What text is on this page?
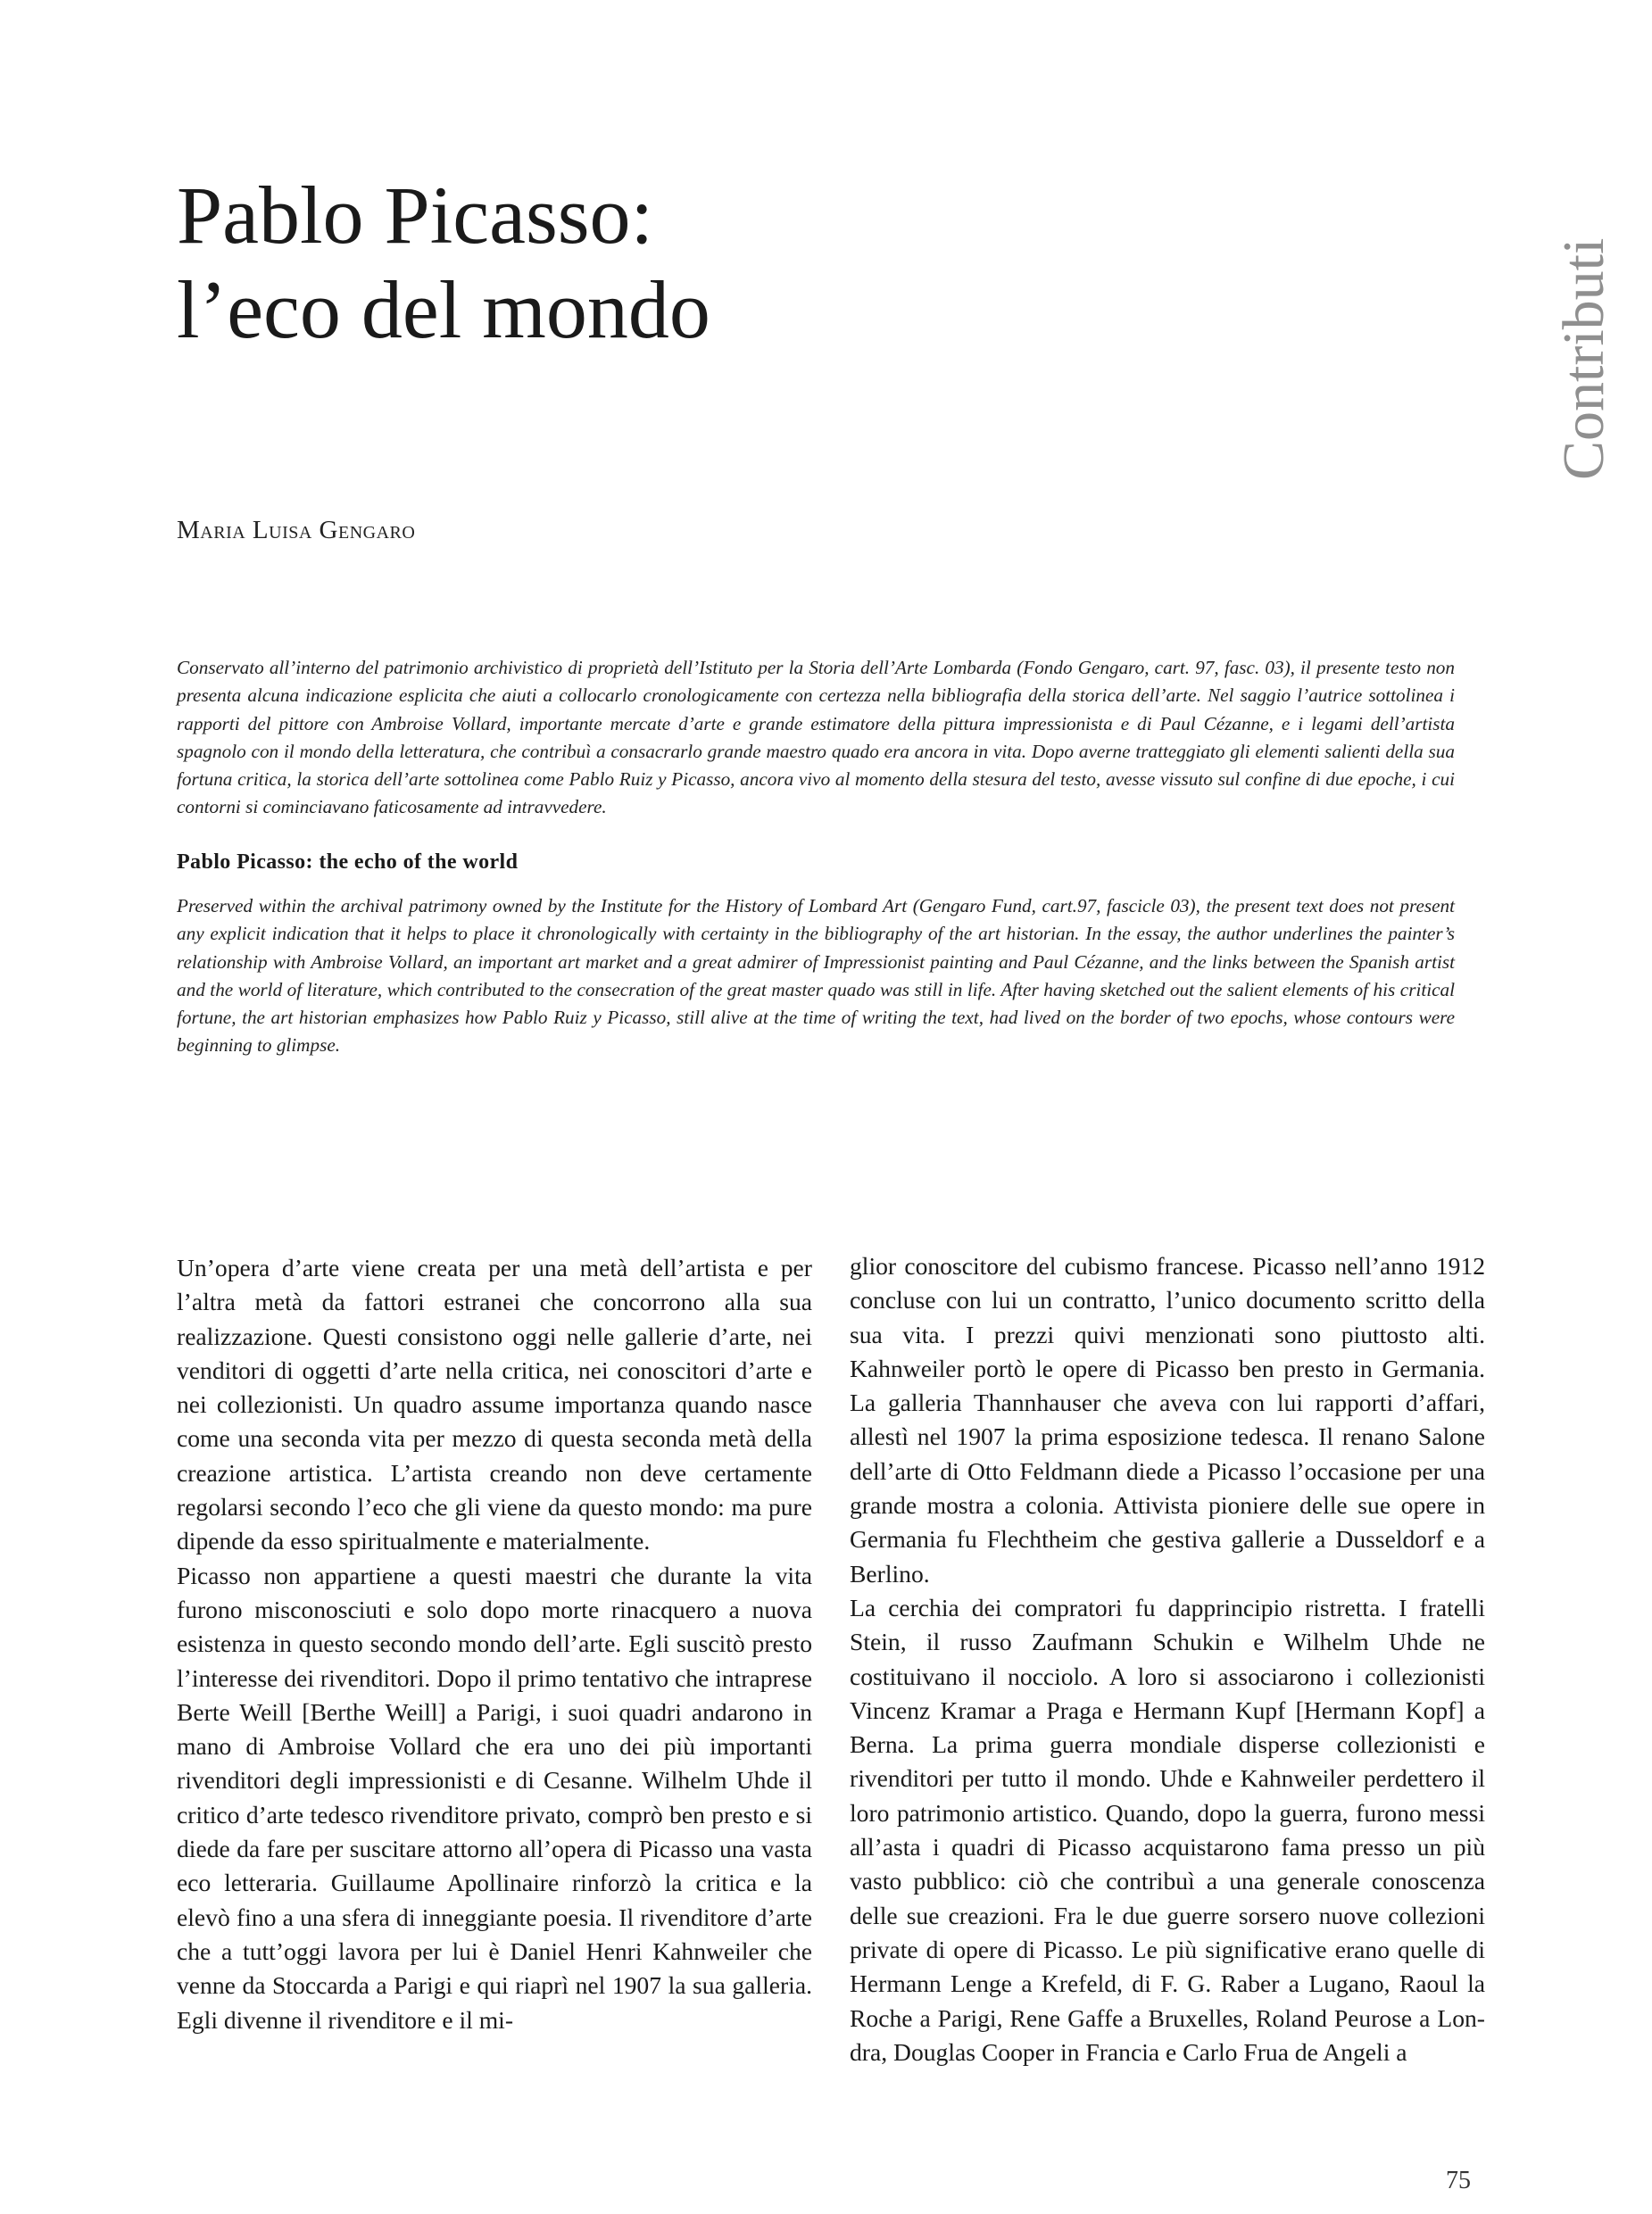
Pablo Picasso:
l’eco del mondo	Contributi
Maria Luisa Gengaro

Conservato all’interno del patrimonio archivistico di proprietà dell’Istituto per la Storia dell’Arte Lombarda (Fondo Gengaro, cart. 97, fasc. 03), il presente testo non presenta alcuna indicazione esplicita che aiuti a collocarlo cronologicamente con certezza nella bibliografia della storica dell’arte. Nel saggio l’autrice sottolinea i rapporti del pittore con Ambroise Vollard, importante mercate d’arte e grande estimatore della pittura impressionista e di Paul Cézanne, e i legami dell’artista spagnolo con il mondo della letteratura, che contribuì a consacrarlo grande maestro quado era ancora in vita. Dopo averne tratteggiato gli elementi salienti della sua fortuna critica, la storica dell’arte sottolinea come Pablo Ruiz y Picasso, ancora vivo al momento della stesura del testo, avesse vissuto sul confine di due epoche, i cui contorni si cominciavano faticosamente ad intravvedere.

Pablo Picasso: the echo of the world

Preserved within the archival patrimony owned by the Institute for the History of Lombard Art (Gengaro Fund, cart.97, fascicle 03), the present text does not present any explicit indication that it helps to place it chronologically with certainty in the bibliography of the art historian. In the essay, the author underlines the painter’s relationship with Ambroise Vollard, an important art market and a great admirer of Impressionist painting and Paul Cézanne, and the links between the Spanish artist and the world of literature, which contributed to the consecration of the great master quado was still in life. After having sketched out the salient elements of his critical fortune, the art historian emphasizes how Pablo Ruiz y Picasso, still alive at the time of writing the text, had lived on the border of two epochs, whose contours were beginning to glimpse.

Un’opera d’arte viene creata per una metà dell’artista e per l’altra metà da fattori estranei che concorrono alla sua realizzazione. Questi consistono oggi nelle gallerie d’arte, nei venditori di oggetti d’arte nella critica, nei conoscitori d’arte e nei collezionisti. Un quadro assume importanza quando nasce come una seconda vita per mezzo di questa seconda metà della creazione artistica. L’artista creando non deve certamente regolarsi secondo l’eco che gli viene da questo mondo: ma pure dipende da esso spiritualmente e materialmente.

Picasso non appartiene a questi maestri che durante la vita furono misconosciuti e solo dopo morte rinacquero a nuova esistenza in questo secondo mondo dell’arte. Egli suscitò presto l’interesse dei rivenditori. Dopo il primo tentativo che intraprese Berte Weill [Berthe Weill] a Parigi, i suoi quadri andarono in mano di Ambroise Vollard che era uno dei più importanti rivenditori degli impressionisti e di Cesanne. Wilhelm Uhde il critico d’arte tedesco rivenditore privato, comprò ben presto e si diede da fare per suscitare attorno all’opera di Picasso una vasta eco letteraria. Guillaume Apollinaire rinforzò la critica e la elevò fino a una sfera di inneggiante poesia. Il rivenditore d’arte che a tutt’oggi lavora per lui è Daniel Henri Kahnweiler che venne da Stoccarda a Parigi e qui riaprì nel 1907 la sua galleria. Egli divenne il rivenditore e il mi-

glior conoscitore del cubismo francese. Picasso nell’anno 1912 concluse con lui un contratto, l’unico documento scritto della sua vita. I prezzi quivi menzionati sono piuttosto alti. Kahnweiler portò le opere di Picasso ben presto in Germania. La galleria Thannhauser che aveva con lui rapporti d’affari, allestì nel 1907 la prima esposizione tedesca. Il renano Salone dell’arte di Otto Feldmann diede a Picasso l’occasione per una grande mostra a colonia. Attivista pioniere delle sue opere in Germania fu Flechtheim che gestiva gallerie a Dusseldorf e a Berlino.

La cerchia dei compratori fu dapprincipio ristretta. I fratelli Stein, il russo Zaufmann Schukin e Wilhelm Uhde ne costituivano il nocciolo. A loro si associarono i collezionisti Vincenz Kramar a Praga e Hermann Kupf [Hermann Kopf] a Berna. La prima guerra mondiale disperse collezionisti e rivenditori per tutto il mondo. Uhde e Kahnweiler perdettero il loro patrimonio artistico. Quando, dopo la guerra, furono messi all’asta i quadri di Picasso acquistarono fama presso un più vasto pubblico: ciò che contribuì a una generale conoscenza delle sue creazioni. Fra le due guerre sorsero nuove collezioni private di opere di Picasso. Le più significative erano quelle di Hermann Lenge a Krefeld, di F. G. Raber a Lugano, Raoul la Roche a Parigi, Rene Gaffe a Bruxelles, Roland Peurose a Londra, Douglas Cooper in Francia e Carlo Frua de Angeli a

75
